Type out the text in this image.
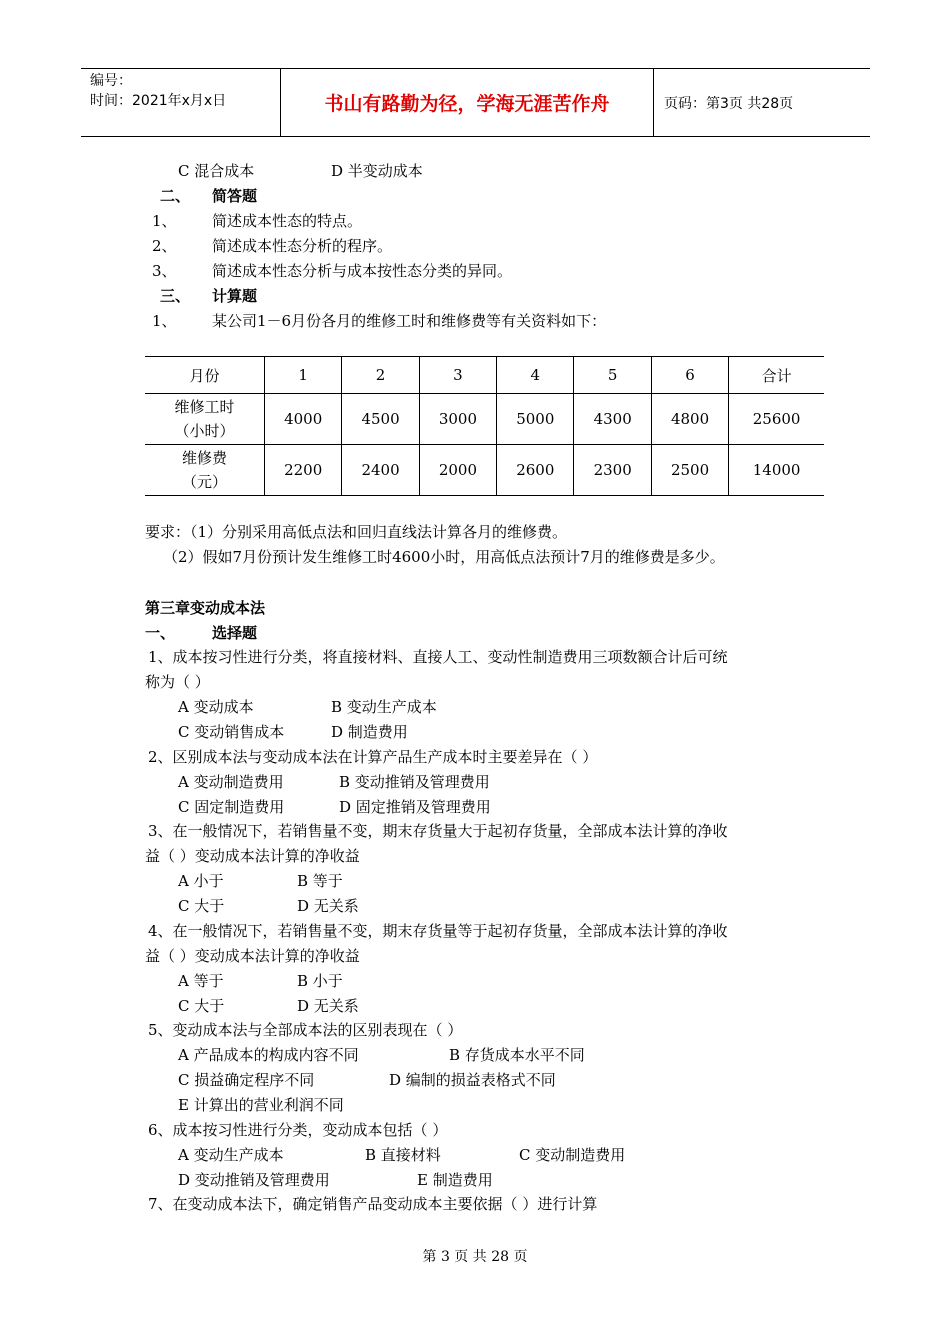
编号：
时间：2021年x月x日	书山有路勤为径，学海无涯苦作舟	页码：第3页 共28页
C 混合成本	D 半变动成本
二、 简答题
1、 简述成本性态的特点。
2、 简述成本性态分析的程序。
3、 简述成本性态分析与成本按性态分类的异同。
三、 计算题
1、 某公司1－6月份各月的维修工时和维修费等有关资料如下：
月份	1	2	3	4	5	6	合计

维修工时
（小时）	4000	4500	3000	5000	4300	4800	25600

维修费
（元）	2200	2400	2000	2600	2300	2500	14000
要求：（1）分别采用高低点法和回归直线法计算各月的维修费。
（2）假如7月份预计发生维修工时4600小时，用高低点法预计7月的维修费是多少。
第三章变动成本法
一、 选择题
1、成本按习性进行分类，将直接材料、直接人工、变动性制造费用三项数额合计后可统
称为（ ）
A 变动成本	B 变动生产成本
C 变动销售成本	D 制造费用
2、区别成本法与变动成本法在计算产品生产成本时主要差异在（ ）
A 变动制造费用	B 变动推销及管理费用
C 固定制造费用	D 固定推销及管理费用
3、在一般情况下，若销售量不变，期末存货量大于起初存货量，全部成本法计算的净收
益（ ）变动成本法计算的净收益
A 小于	B 等于
C 大于	D 无关系
4、在一般情况下，若销售量不变，期末存货量等于起初存货量，全部成本法计算的净收
益（ ）变动成本法计算的净收益
A 等于	B 小于
C 大于	D 无关系
5、变动成本法与全部成本法的区别表现在（ ）
A 产品成本的构成内容不同	B 存货成本水平不同
C 损益确定程序不同	D 编制的损益表格式不同
E 计算出的营业利润不同
6、成本按习性进行分类，变动成本包括（ ）
A 变动生产成本	B 直接材料	C 变动制造费用
D 变动推销及管理费用	E 制造费用
7、在变动成本法下，确定销售产品变动成本主要依据（ ）进行计算
第 3 页 共 28 页
